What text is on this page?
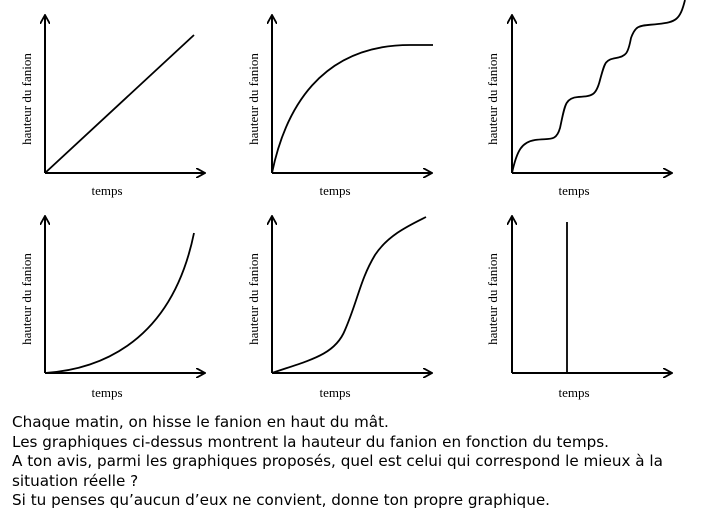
temps
hauteur du fanion
temps
hauteur du fanion
temps
hauteur du fanion
temps
hauteur du fanion
temps
hauteur du fanion
temps
hauteur du fanion

Chaque matin, on hisse le fanion en haut du mât.

Les graphiques ci-dessus montrent la hauteur du fanion en fonction du temps.

A ton avis, parmi les graphiques proposés, quel est celui qui correspond le mieux à la situation réelle ?

Si tu penses qu’aucun d’eux ne convient, donne ton propre graphique.
